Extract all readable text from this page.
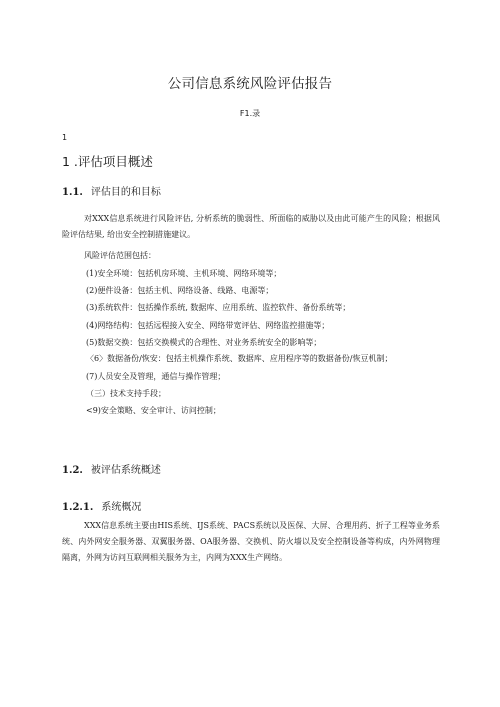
公司信息系统风险评估报告
F1.录
1
1 .评估项目概述
1.1. 评估目的和目标
对XXX信息系统进行风险评估, 分析系统的脆弱性、所面临的威胁以及由此可能产生的风险；根据风险评估结果, 给出安全控制措施建议。
风险评估范围包括：
(1)安全环境：包括机房环境、主机环境、网络环境等；
(2)便件设备：包括主机、网络设备、线路、电源等；
(3)系统软件：包括操作系统, 数据库、应用系统、监控软件、备份系统等；
(4)网络结构：包括远程接入安全、网络带宽评估、网络监控措施等；
(5)数据交换：包括交换模式的合理性、对业务系统安全的影响等；
〈6〉数据备份/恢安：包括主机操作系统、数据库、应用程序等的数据备份/恢豆机制；
(7)人员安全及管理，通信与操作管理；
（三）技术支持手段；
<9)安全策略、安全审计、访问控制；
1.2. 被评估系统概述
1.2.1. 系统概况
XXX信息系统主要由HIS系统、IJS系统、PACS系统以及医保、大屏、合理用药、折子工程等业务系统、内外网安全服务器、双翼服务器、OA服务器、交换机、防火墙以及安全控制设备等构成，内外网物理隔离，外网为访问互联网相关服务为主，内网为XXX生产网络。
